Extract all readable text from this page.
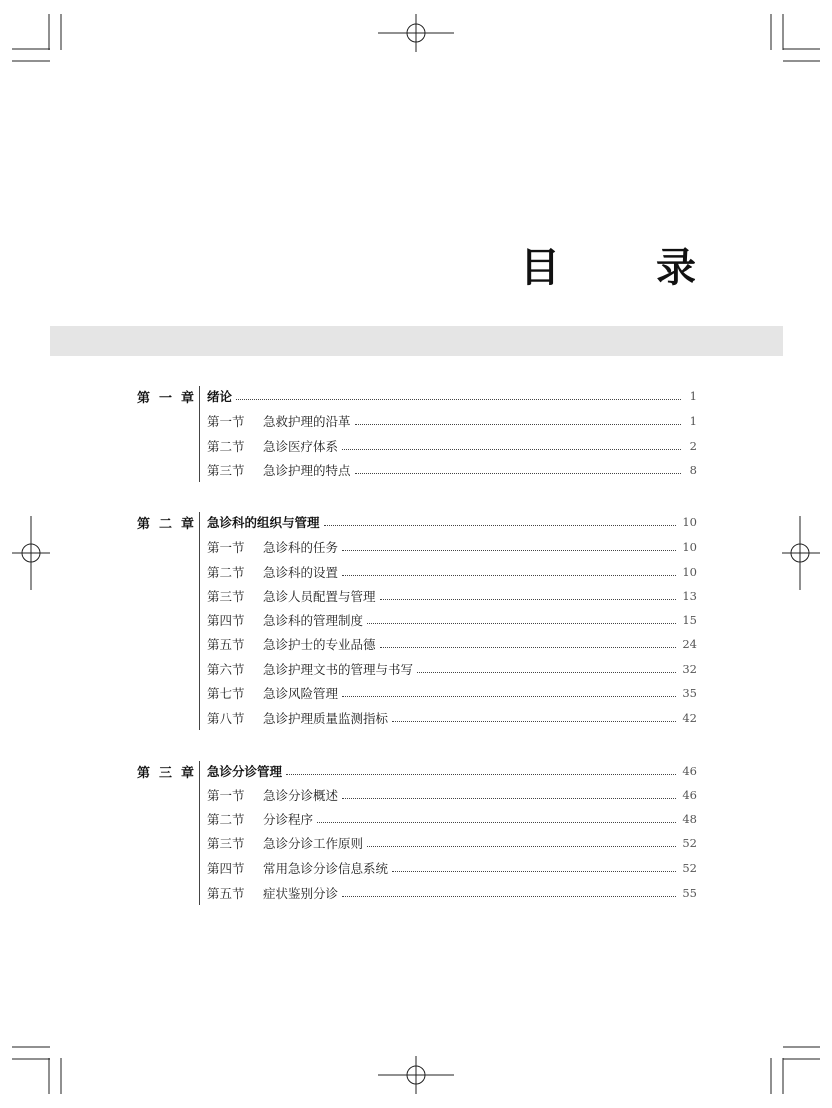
目 录
第 一 章 绪论	1
第一节	急救护理的沿革	1
第二节	急诊医疗体系	2
第三节	急诊护理的特点	8
第 二 章 急诊科的组织与管理	10
第一节	急诊科的任务	10
第二节	急诊科的设置	10
第三节	急诊人员配置与管理	13
第四节	急诊科的管理制度	15
第五节	急诊护士的专业品德	24
第六节	急诊护理文书的管理与书写	32
第七节	急诊风险管理	35
第八节	急诊护理质量监测指标	42
第 三 章 急诊分诊管理	46
第一节	急诊分诊概述	46
第二节	分诊程序	48
第三节	急诊分诊工作原则	52
第四节	常用急诊分诊信息系统	52
第五节	症状鉴别分诊	55
